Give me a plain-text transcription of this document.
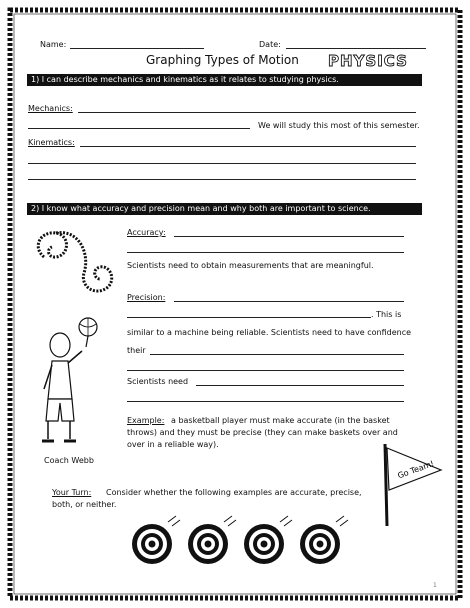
Name:	Date:
Graphing Types of Motion PHYSICS
1) I can describe mechanics and kinematics as it relates to studying physics.
Mechanics:
We will study this most of this semester.
Kinematics:
2) I know what accuracy and precision mean and why both are important to science.
Accuracy:
Scientists need to obtain measurements that are meaningful.
Precision:
. This is
similar to a machine being reliable. Scientists need to have confidence
their
Scientists need
Example: a basketball player must make accurate (in the basket
throws) and they must be precise (they can make baskets over and
over in a reliable way).
Coach Webb	Go Team!
Your Turn: Consider whether the following examples are accurate, precise,
both, or neither.
1
